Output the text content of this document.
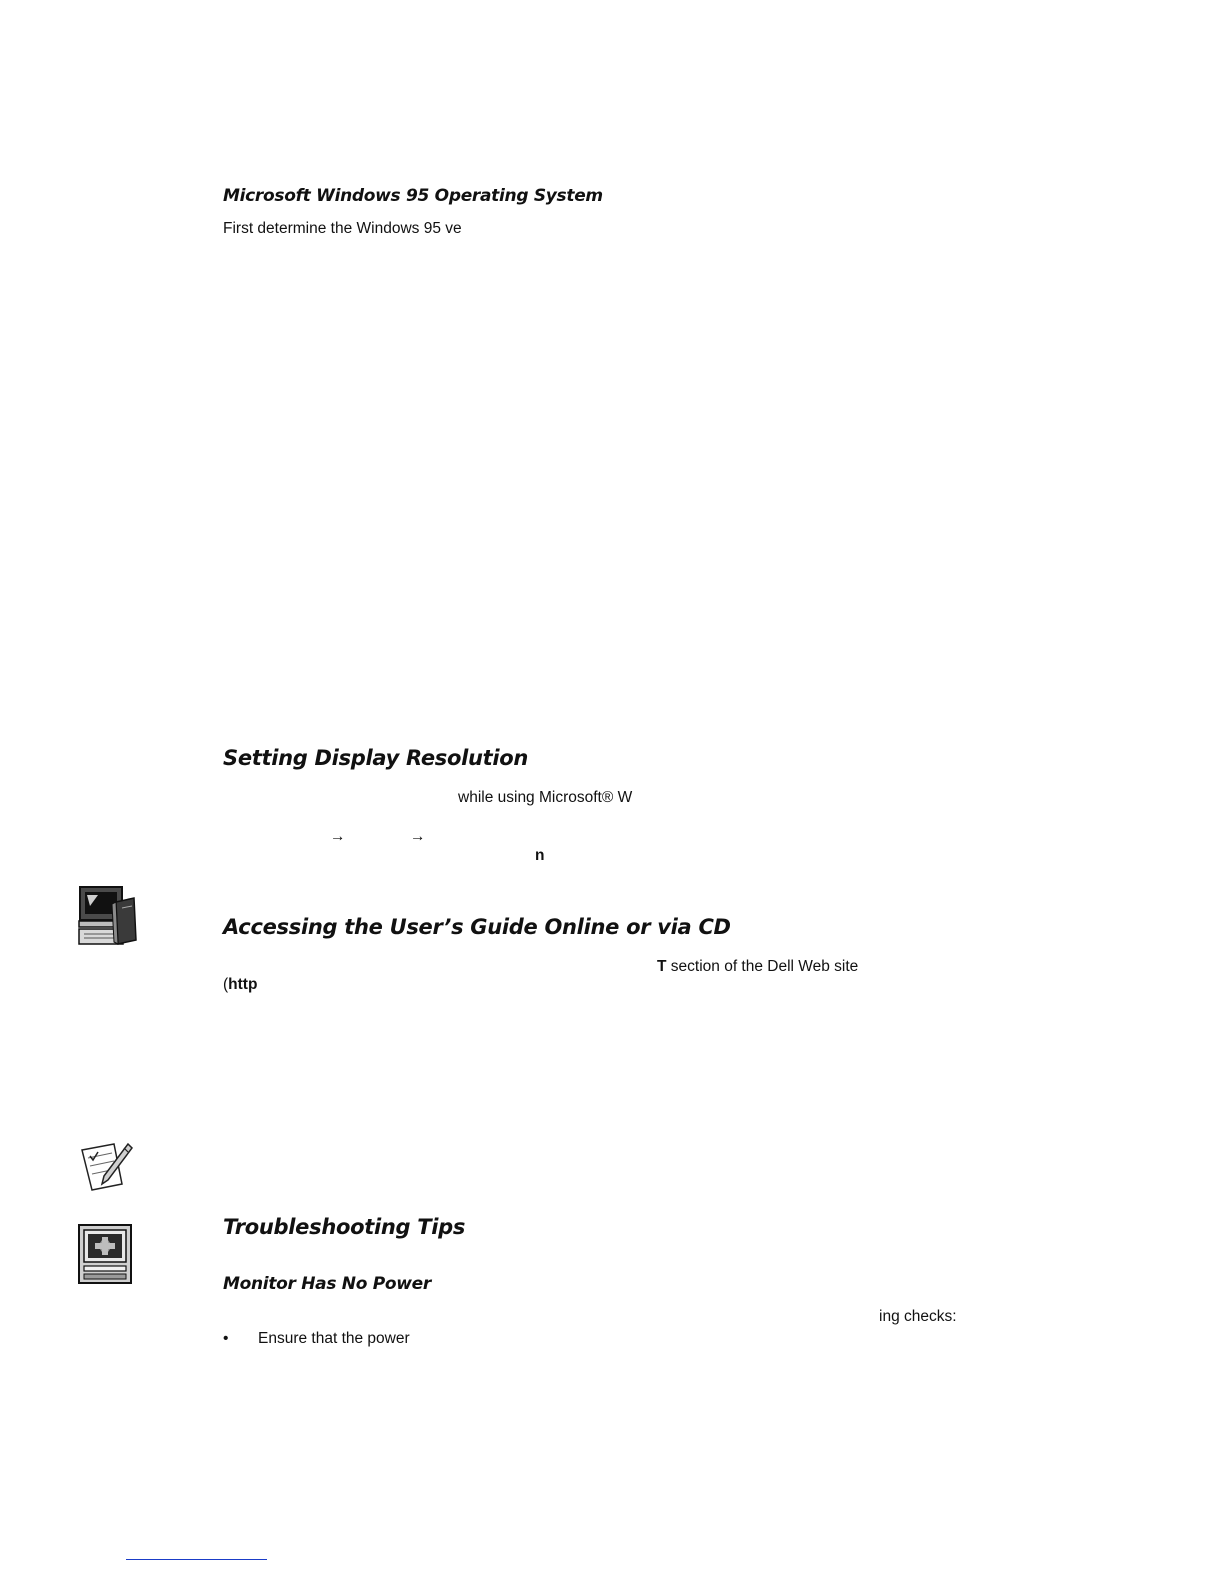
Microsoft Windows 95 Operating System

First determine the Windows 95 ve

Setting Display Resolution

while using Microsoft® W

→	→
n
Accessing the User’s Guide Online or via CD

T section of the Dell Web site

(http

Troubleshooting Tips
Monitor Has No Power

ing checks:

• Ensure that the power
